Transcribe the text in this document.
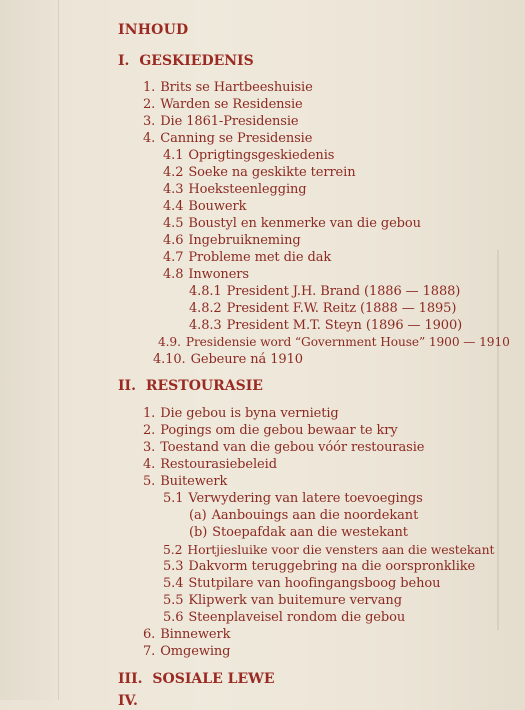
INHOUD
I. GESKIEDENIS
1. Brits se Hartbeeshuisie
2. Warden se Residensie
3. Die 1861-Presidensie
4. Canning se Presidensie
4.1 Oprigtingsgeskiedenis
4.2 Soeke na geskikte terrein
4.3 Hoeksteenlegging
4.4 Bouwerk
4.5 Boustyl en kenmerke van die gebou
4.6 Ingebruikneming
4.7 Probleme met die dak
4.8 Inwoners
4.8.1 President J.H. Brand (1886 — 1888)
4.8.2 President F.W. Reitz (1888 — 1895)
4.8.3 President M.T. Steyn (1896 — 1900)
4.9. Presidensie word “Government House” 1900 — 1910
4.10. Gebeure ná 1910
II. RESTOURASIE
1. Die gebou is byna vernietig
2. Pogings om die gebou bewaar te kry
3. Toestand van die gebou vóór restourasie
4. Restourasiebeleid
5. Buitewerk
5.1 Verwydering van latere toevoegings
(a) Aanbouings aan die noordekant
(b) Stoepafdak aan die westekant
5.2 Hortjiesluike voor die vensters aan die westekant
5.3 Dakvorm teruggebring na die oorspronklike
5.4 Stutpilare van hoofingangsboog behou
5.5 Klipwerk van buitemure vervang
5.6 Steenplaveisel rondom die gebou
6. Binnewerk
7. Omgewing
III. SOSIALE LEWE
IV.
